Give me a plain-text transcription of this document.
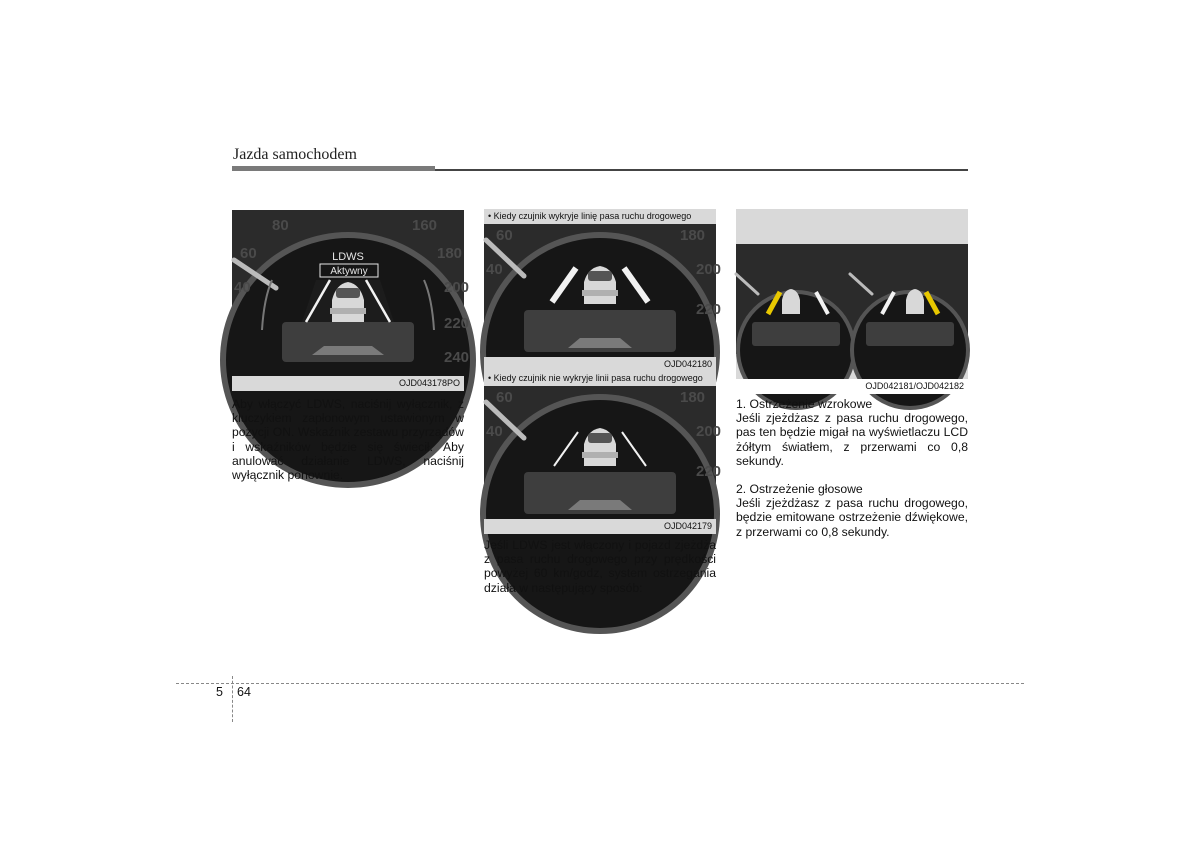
Jazda samochodem
80	160
60	180
40	200
220
240
LDWS
Aktywny
OJD043178PO
• Kiedy czujnik wykryje linię pasa ruchu drogowego
60	180
40	200
220
OJD042180
• Kiedy czujnik nie wykryje linii pasa ruchu drogowego
60	180
40	200
220
OJD042179
OJD042181/OJD042182

Aby włączyć LDWS, naciśnij wyłącznik, z kluczykiem zapłonowym ustawionym w pozycji ON. Wskaźnik zestawu przyrządów i wskaźników będzie się świecił. Aby anulować działanie LDWS, naciśnij wyłącznik ponownie.

Jeśli LDWS jest włączony i pojazd zjeżdża z pasa ruchu drogowego przy prędkości powyżej 60 km/godz, system ostrzegania działa w następujący sposób:

1. Ostrzeżenie wzrokowe

Jeśli zjeżdżasz z pasa ruchu drogowego, pas ten będzie migał na wyświetlaczu LCD żółtym światłem, z przerwami co 0,8 sekundy.

2. Ostrzeżenie głosowe

Jeśli zjeżdżasz z pasa ruchu drogowego, będzie emitowane ostrzeżenie dźwiękowe, z przerwami co 0,8 sekundy.

5 64
